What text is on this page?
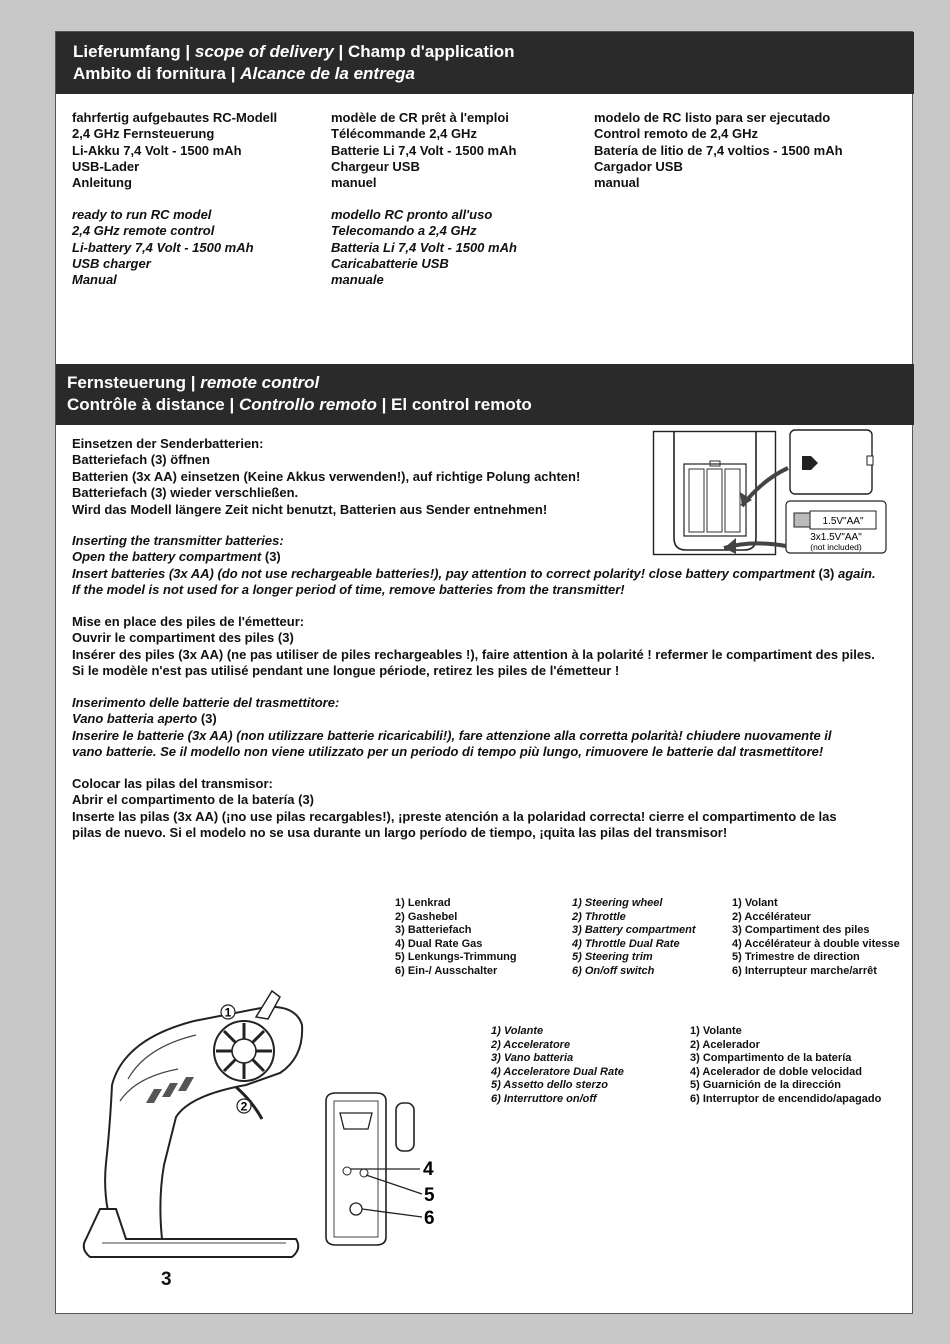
Lieferumfang | scope of delivery | Champ d'application
Ambito di fornitura | Alcance de la entrega
fahrfertig aufgebautes RC-Modell
2,4 GHz Fernsteuerung
Li-Akku 7,4 Volt - 1500 mAh
USB-Lader
Anleitung
modèle de CR prêt à l'emploi
Télécommande 2,4 GHz
Batterie Li 7,4 Volt - 1500 mAh
Chargeur USB
manuel
modelo de RC listo para ser ejecutado
Control remoto de 2,4 GHz
Batería de litio de 7,4 voltios - 1500 mAh
Cargador USB
manual
ready to run RC model
2,4 GHz remote control
Li-battery 7,4 Volt - 1500 mAh
USB charger
Manual
modello RC pronto all'uso
Telecomando a 2,4 GHz
Batteria Li 7,4 Volt - 1500 mAh
Caricabatterie USB
manuale
Fernsteuerung | remote control
Contrôle à distance | Controllo remoto | El control remoto
Einsetzen der Senderbatterien:
Batteriefach (3) öffnen
Batterien (3x AA) einsetzen (Keine Akkus verwenden!), auf richtige Polung achten!
Batteriefach (3) wieder verschließen.
Wird das Modell längere Zeit nicht benutzt, Batterien aus Sender entnehmen!
Inserting the transmitter batteries:
Open the battery compartment (3)
Insert batteries (3x AA) (do not use rechargeable batteries!), pay attention to correct polarity! close battery compartment (3) again.
If the model is not used for a longer period of time, remove batteries from the transmitter!
Mise en place des piles de l'émetteur:
Ouvrir le compartiment des piles (3)
Insérer des piles (3x AA) (ne pas utiliser de piles rechargeables !), faire attention à la polarité ! refermer le compartiment des piles.
Si le modèle n'est pas utilisé pendant une longue période, retirez les piles de l'émetteur !
Inserimento delle batterie del trasmettitore:
Vano batteria aperto (3)
Inserire le batterie (3x AA) (non utilizzare batterie ricaricabili!), fare attenzione alla corretta polarità! chiudere nuovamente il
vano batterie. Se il modello non viene utilizzato per un periodo di tempo più lungo, rimuovere le batterie dal trasmettitore!
Colocar las pilas del transmisor:
Abrir el compartimento de la batería (3)
Inserte las pilas (3x AA) (¡no use pilas recargables!), ¡preste atención a la polaridad correcta! cierre el compartimento de las
pilas de nuevo. Si el modelo no se usa durante un largo período de tiempo, ¡quita las pilas del transmisor!
1.5V"AA"
3x1.5V"AA"
(not included)
1) Lenkrad
2) Gashebel
3) Batteriefach
4) Dual Rate Gas
5) Lenkungs-Trimmung
6) Ein-/ Ausschalter
1) Steering wheel
2) Throttle
3) Battery compartment
4) Throttle Dual Rate
5) Steering trim
6) On/off switch
1) Volant
2) Accélérateur
3) Compartiment des piles
4) Accélérateur à double vitesse
5) Trimestre de direction
6) Interrupteur marche/arrêt
1) Volante
2) Acceleratore
3) Vano batteria
4) Acceleratore Dual Rate
5) Assetto dello sterzo
6) Interruttore on/off
1) Volante
2) Acelerador
3) Compartimento de la batería
4) Acelerador de doble velocidad
5) Guarnición de la dirección
6) Interruptor de encendido/apagado
1
2
4
5
6
3
